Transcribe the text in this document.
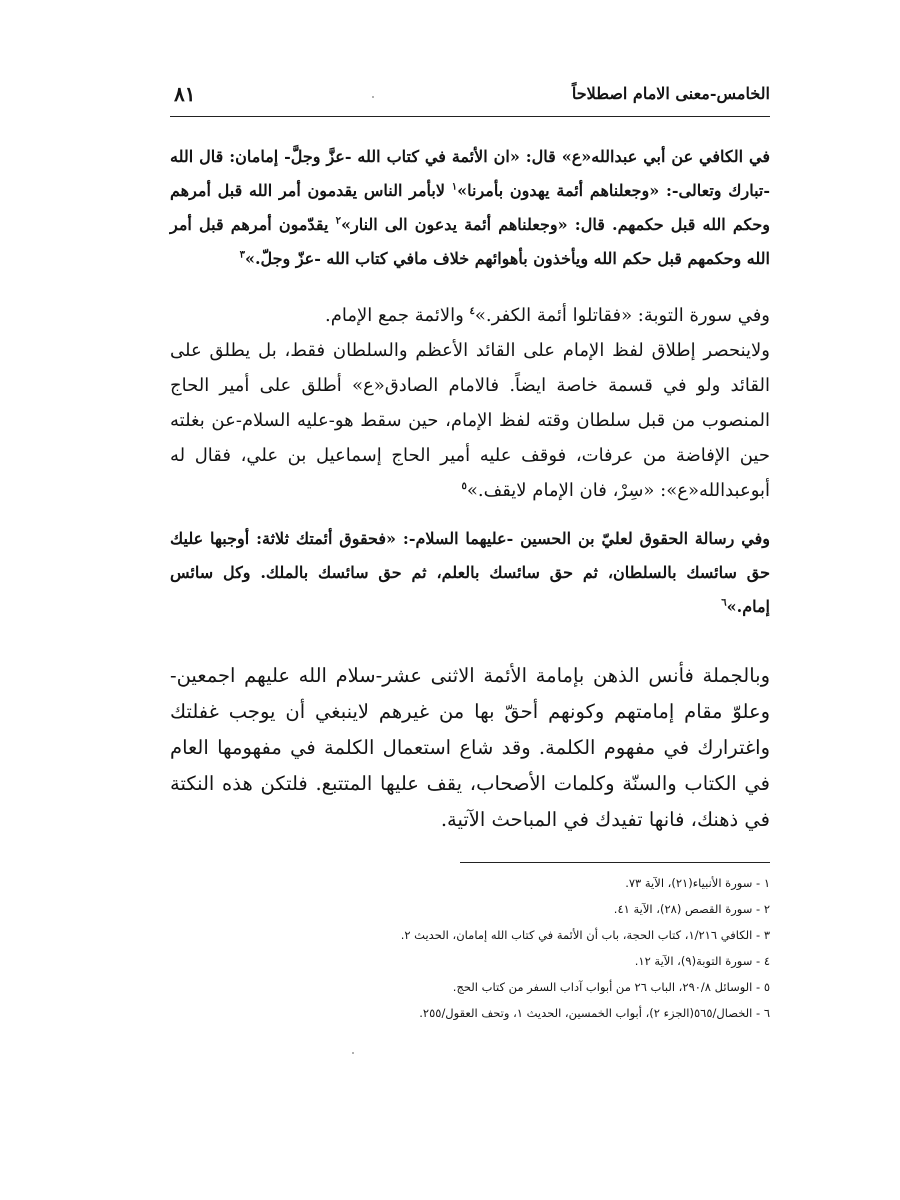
الخامس-معنى الامام اصطلاحاً
٨١

في الكافي عن أبي عبدالله«ع» قال: «ان الأئمة في كتاب الله -عزَّ وجلَّ- إمامان: قال الله -تبارك وتعالى-: «وجعلناهم أئمة يهدون بأمرنا»$^١$ لابأمر الناس يقدمون أمر الله قبل أمرهم وحكم الله قبل حكمهم. قال: «وجعلناهم أئمة يدعون الى النار»$^٢$ يقدّمون أمرهم قبل أمر الله وحكمهم قبل حكم الله ويأخذون بأهوائهم خلاف مافي كتاب الله -عزّ وجلّ.»$^٣$

وفي سورة التوبة: «فقاتلوا أئمة الكفر.»$^٤$ والائمة جمع الإمام.

ولاينحصر إطلاق لفظ الإمام على القائد الأعظم والسلطان فقط، بل يطلق على القائد ولو في قسمة خاصة ايضاً. فالامام الصادق«ع» أطلق على أمير الحاج المنصوب من قبل سلطان وقته لفظ الإمام، حين سقط هو-عليه السلام-عن بغلته حين الإفاضة من عرفات، فوقف عليه أمير الحاج إسماعيل بن علي، فقال له أبوعبدالله«ع»: «سِرْ، فان الإمام لايقف.»$^٥$

وفي رسالة الحقوق لعليّ بن الحسين -عليهما السلام-: «فحقوق أئمتك ثلاثة: أوجبها عليك حق سائسك بالسلطان، ثم حق سائسك بالعلم، ثم حق سائسك بالملك. وكل سائس إمام.»$^٦$

وبالجملة فأنس الذهن بإمامة الأئمة الاثنى عشر-سلام الله عليهم اجمعين- وعلوّ مقام إمامتهم وكونهم أحقّ بها من غيرهم لاينبغي أن يوجب غفلتك واغترارك في مفهوم الكلمة. وقد شاع استعمال الكلمة في مفهومها العام في الكتاب والسنّة وكلمات الأصحاب، يقف عليها المتتبع. فلتكن هذه النكتة في ذهنك، فانها تفيدك في المباحث الآتية.

١ - سورة الأنبياء(٢١)، الآية ٧٣.
٢ - سورة القصص (٢٨)، الآية ٤١.
٣ - الكافي ١/٢١٦، كتاب الحجة، باب أن الأئمة في كتاب الله إمامان، الحديث ٢.
٤ - سورة التوبة(٩)، الآية ١٢.
٥ - الوسائل ٢٩٠/٨، الباب ٢٦ من أبواب آداب السفر من كتاب الحج.
٦ - الخصال/٥٦٥(الجزء ٢)، أبواب الخمسين، الحديث ١، وتحف العقول/٢٥٥.
